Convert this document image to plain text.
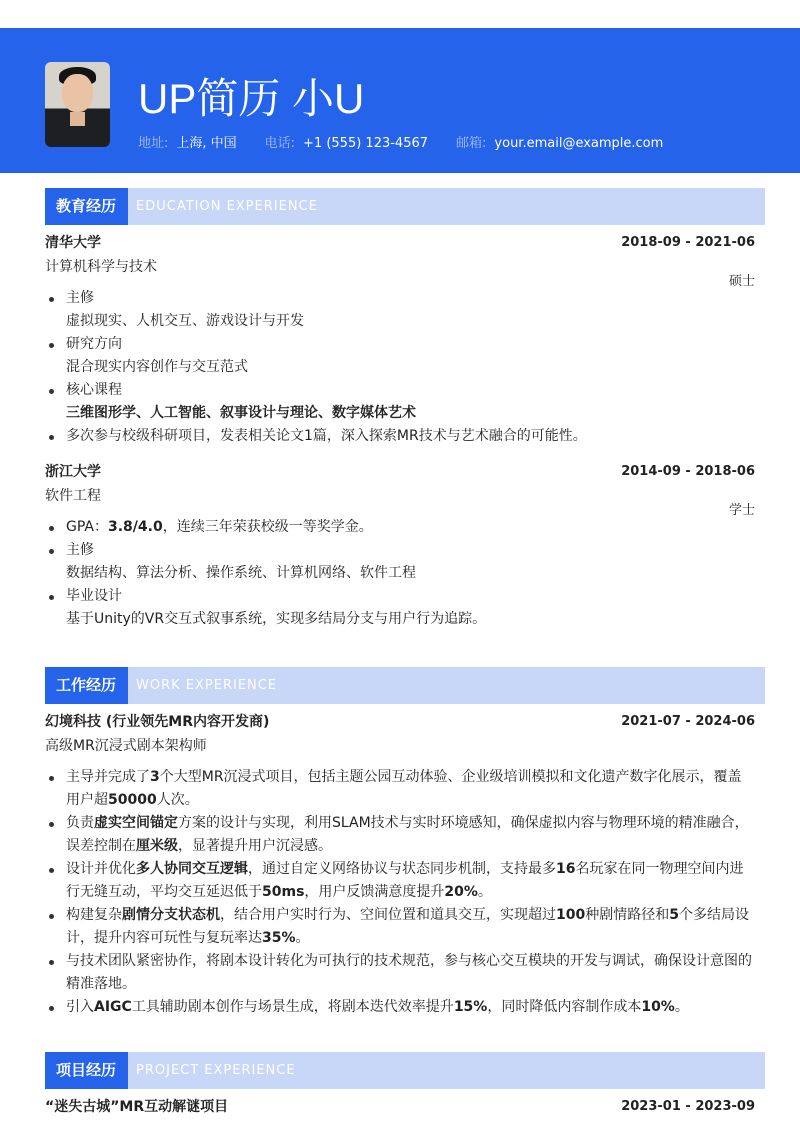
UP简历 小U
地址: 上海, 中国 电话: +1 (555) 123-4567 邮箱: your.email@example.com
教育经历	EDUCATION EXPERIENCE
工作经历	WORK EXPERIENCE
项目经历	PROJECT EXPERIENCE
清华大学	2018-09 - 2021-06
计算机科学与技术
硕士
主修
虚拟现实、人机交互、游戏设计与开发
研究方向
混合现实内容创作与交互范式
核心课程
三维图形学、人工智能、叙事设计与理论、数字媒体艺术
多次参与校级科研项目，发表相关论文1篇，深入探索MR技术与艺术融合的可能性。
浙江大学	2014-09 - 2018-06
软件工程
学士
GPA：3.8/4.0，连续三年荣获校级一等奖学金。
主修
数据结构、算法分析、操作系统、计算机网络、软件工程
毕业设计
基于Unity的VR交互式叙事系统，实现多结局分支与用户行为追踪。
幻境科技 (行业领先MR内容开发商)	2021-07 - 2024-06
高级MR沉浸式剧本架构师
主导并完成了3个大型MR沉浸式项目，包括主题公园互动体验、企业级培训模拟和文化遗产数字化展示，覆盖用户超50000人次。
负责虚实空间锚定方案的设计与实现，利用SLAM技术与实时环境感知，确保虚拟内容与物理环境的精准融合，误差控制在厘米级，显著提升用户沉浸感。
设计并优化多人协同交互逻辑，通过自定义网络协议与状态同步机制，支持最多16名玩家在同一物理空间内进行无缝互动，平均交互延迟低于50ms，用户反馈满意度提升20%。
构建复杂剧情分支状态机，结合用户实时行为、空间位置和道具交互，实现超过100种剧情路径和5个多结局设计，提升内容可玩性与复玩率达35%。
与技术团队紧密协作，将剧本设计转化为可执行的技术规范，参与核心交互模块的开发与调试，确保设计意图的精准落地。
引入AIGC工具辅助剧本创作与场景生成，将剧本迭代效率提升15%，同时降低内容制作成本10%。
“迷失古城”MR互动解谜项目	2023-01 - 2023-09
